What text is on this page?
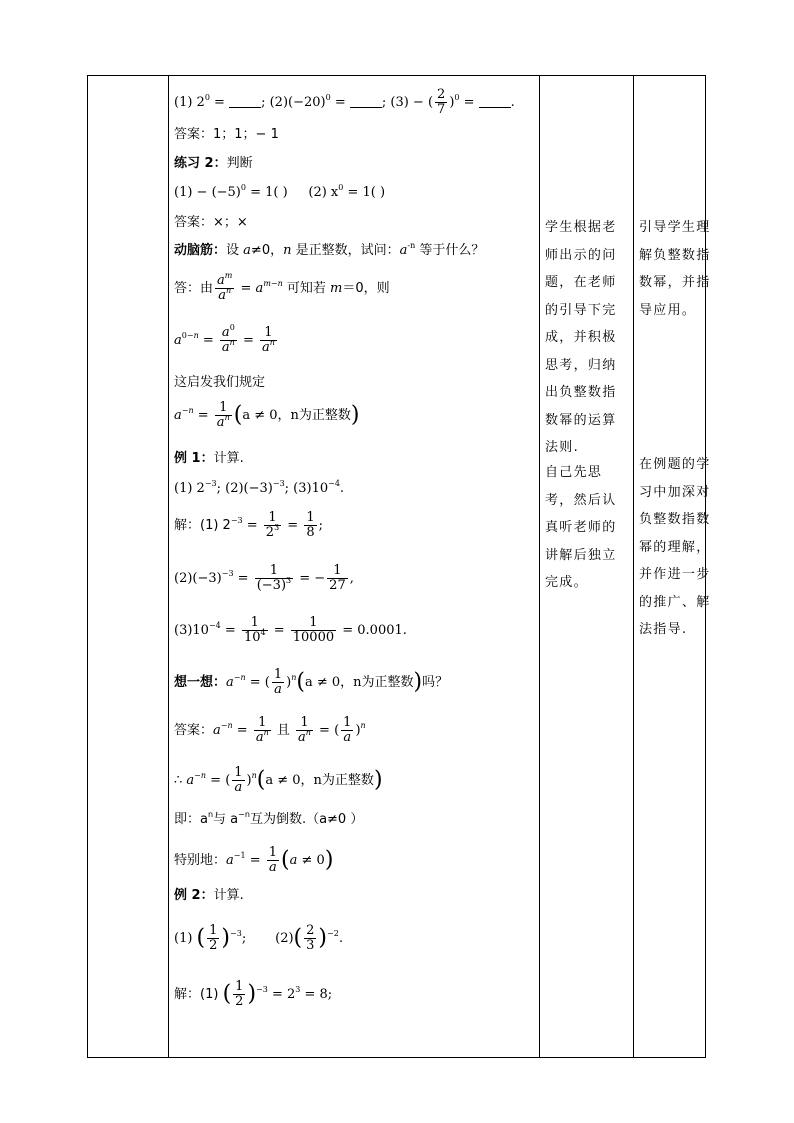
(1) $2^0$ = ; $(2)(-20)^0$ = ; (3) − ( $\frac{2}{7} )^0$ = .
答案：1；1；− 1
练习 2：判断
$(1) - (-5)^0 = 1$( ) (2) $x^0 = 1$( )
答案：×；×
动脑筋：设 a≠0，n 是正整数，试问：$a^{-n}$ 等于什么？
答：由 $\frac{a^m}{a^n} = a^{m-n}$ 可知若 m＝0，则
$a^{0-n} = \frac{a^0}{a^n} = \frac{1}{a^n}$
这启发我们规定
$a^{-n} = \frac{1}{a^n} (a \ne 0$，n为正整数)
例 1：计算.
(1) $2^{-3}$; $(2)(-3)^{-3}$; $(3)10^{-4}$.
解：(1) $2^{-3} = \frac{1}{2^3} = \frac{1}{8}$ ;
$(2)(-3)^{-3} = \frac{1}{(-3)^3}$ = − $\frac{1}{27}$ ,
$(3)10^{-4} = \frac{1}{10^4} = \frac{1}{10000} = 0.0001$.
想一想：$a^{-n}$ = ( $\frac{1}{a} )^n(a \ne 0$，n为正整数)吗？
答案：$a^{-n} = \frac{1}{a^n}$ 且 $\frac{1}{a^n}$ = ( $\frac{1}{a} )^n$
∴ $a^{-n}$ = ( $\frac{1}{a} )^n(a \ne 0$，n为正整数)
即：$a^n$与 $a^{-n}$互为倒数.（a≠0 ）
特别地：$a^{-1} = \frac{1}{a} (a \ne 0)$
例 2：计算.
(1) ( $\frac{1}{2} )^{-3}$;       $(2)( \frac{2}{3} )^{-2}$.
解：(1) ( $\frac{1}{2} )^{-3} = 2^3 = 8$;
学生根据老师出示的问题，在老师的引导下完成，并积极思考，归纳出负整数指数幂的运算法则.
自己先思考，然后认真听老师的讲解后独立完成。
引导学生理解负整数指数幂，并指导应用。
在例题的学习中加深对负整数指数幂的理解，并作进一步的推广、解法指导.
